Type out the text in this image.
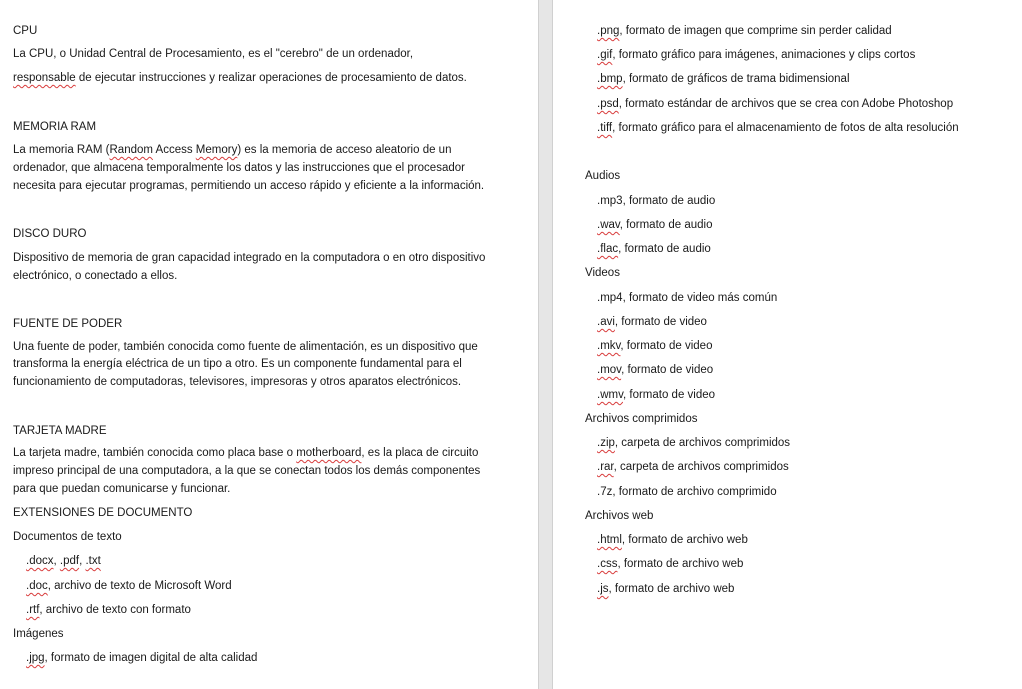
CPU
La CPU, o Unidad Central de Procesamiento, es el "cerebro" de un ordenador,
responsable de ejecutar instrucciones y realizar operaciones de procesamiento de datos.
MEMORIA RAM
La memoria RAM (Random Access Memory) es la memoria de acceso aleatorio de un
ordenador, que almacena temporalmente los datos y las instrucciones que el procesador
necesita para ejecutar programas, permitiendo un acceso rápido y eficiente a la información.
DISCO DURO
Dispositivo de memoria de gran capacidad integrado en la computadora o en otro dispositivo
electrónico, o conectado a ellos.
FUENTE DE PODER
Una fuente de poder, también conocida como fuente de alimentación, es un dispositivo que
transforma la energía eléctrica de un tipo a otro. Es un componente fundamental para el
funcionamiento de computadoras, televisores, impresoras y otros aparatos electrónicos.
TARJETA MADRE
La tarjeta madre, también conocida como placa base o motherboard, es la placa de circuito
impreso principal de una computadora, a la que se conectan todos los demás componentes
para que puedan comunicarse y funcionar.
EXTENSIONES DE DOCUMENTO
Documentos de texto
.docx, .pdf, .txt
.doc, archivo de texto de Microsoft Word
.rtf, archivo de texto con formato
Imágenes
.jpg, formato de imagen digital de alta calidad
.png, formato de imagen que comprime sin perder calidad
.gif, formato gráfico para imágenes, animaciones y clips cortos
.bmp, formato de gráficos de trama bidimensional
.psd, formato estándar de archivos que se crea con Adobe Photoshop
.tiff, formato gráfico para el almacenamiento de fotos de alta resolución
Audios
.mp3, formato de audio
.wav, formato de audio
.flac, formato de audio
Videos
.mp4, formato de video más común
.avi, formato de video
.mkv, formato de video
.mov, formato de video
.wmv, formato de video
Archivos comprimidos
.zip, carpeta de archivos comprimidos
.rar, carpeta de archivos comprimidos
.7z, formato de archivo comprimido
Archivos web
.html, formato de archivo web
.css, formato de archivo web
.js, formato de archivo web
